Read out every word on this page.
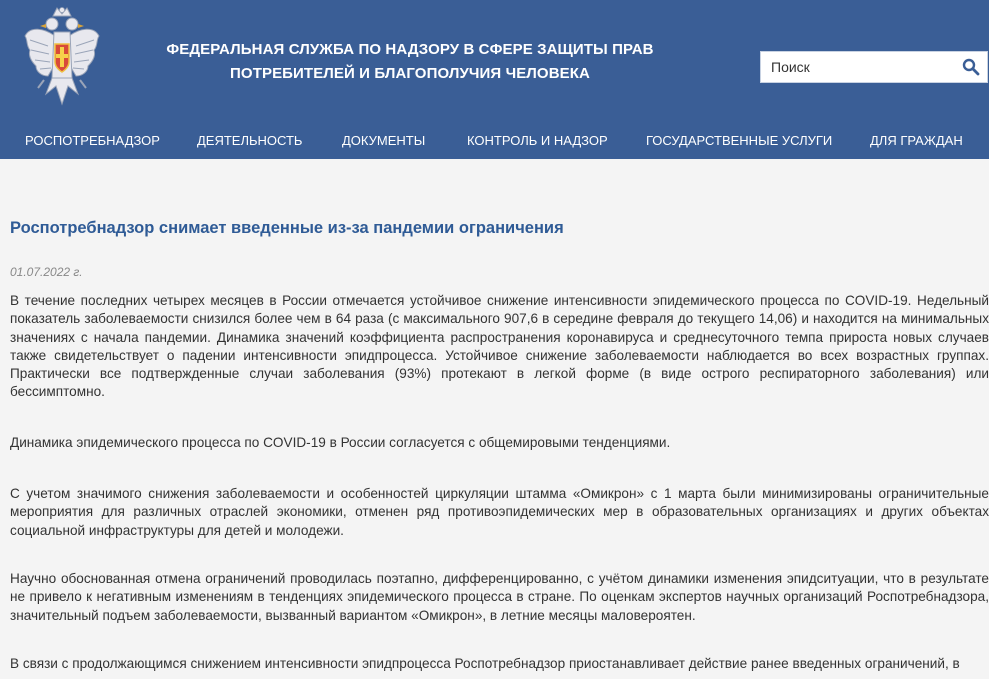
ФЕДЕРАЛЬНАЯ СЛУЖБА ПО НАДЗОРУ В СФЕРЕ ЗАЩИТЫ ПРАВ
ПОТРЕБИТЕЛЕЙ И БЛАГОПОЛУЧИЯ ЧЕЛОВЕКА
Поиск
РОСПОТРЕБНАДЗОР	ДЕЯТЕЛЬНОСТЬ	ДОКУМЕНТЫ	КОНТРОЛЬ И НАДЗОР	ГОСУДАРСТВЕННЫЕ УСЛУГИ	ДЛЯ ГРАЖДАН
Роспотребнадзор снимает введенные из-за пандемии ограничения
01.07.2022 г.

В течение последних четырех месяцев в России отмечается устойчивое снижение интенсивности эпидемического процесса по COVID-19. Недельный показатель заболеваемости снизился более чем в 64 раза (с максимального 907,6 в середине февраля до текущего 14,06) и находится на минимальных значениях с начала пандемии. Динамика значений коэффициента распространения коронавируса и среднесуточного темпа прироста новых случаев также свидетельствует о падении интенсивности эпидпроцесса. Устойчивое снижение заболеваемости наблюдается во всех возрастных группах. Практически все подтвержденные случаи заболевания (93%) протекают в легкой форме (в виде острого респираторного заболевания) или бессимптомно.

Динамика эпидемического процесса по COVID-19 в России согласуется с общемировыми тенденциями.

С учетом значимого снижения заболеваемости и особенностей циркуляции штамма «Омикрон» с 1 марта были минимизированы ограничительные мероприятия для различных отраслей экономики, отменен ряд противоэпидемических мер в образовательных организациях и других объектах социальной инфраструктуры для детей и молодежи.

Научно обоснованная отмена ограничений проводилась поэтапно, дифференцированно, с учётом динамики изменения эпидситуации, что в результате не привело к негативным изменениям в тенденциях эпидемического процесса в стране. По оценкам экспертов научных организаций Роспотребнадзора, значительный подъем заболеваемости, вызванный вариантом «Омикрон», в летние месяцы маловероятен.

В связи с продолжающимся снижением интенсивности эпидпроцесса Роспотребнадзор приостанавливает действие ранее введенных ограничений, в
